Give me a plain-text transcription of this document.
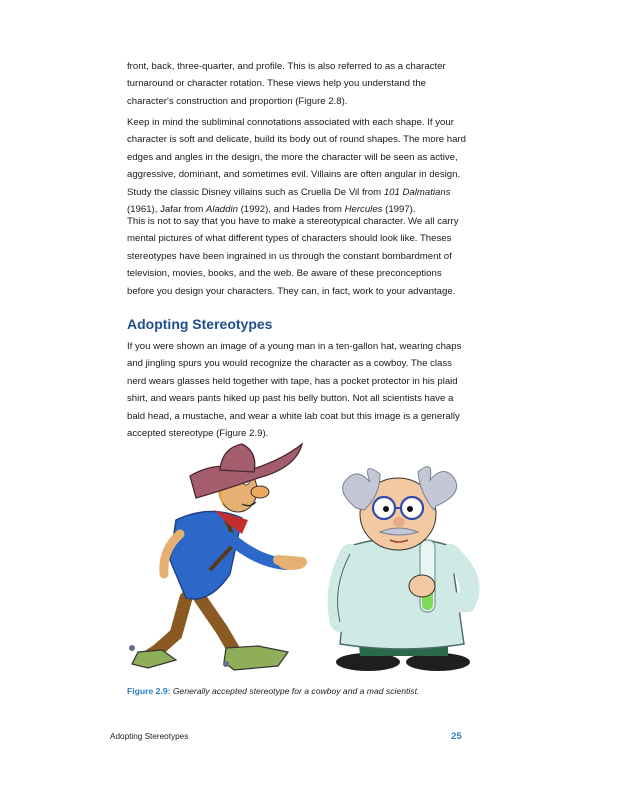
front, back, three-quarter, and profile. This is also referred to as a character turnaround or character rotation. These views help you understand the character's construction and proportion (Figure 2.8).

Keep in mind the subliminal connotations associated with each shape. If your character is soft and delicate, build its body out of round shapes. The more hard edges and angles in the design, the more the character will be seen as active, aggressive, dominant, and sometimes evil. Villains are often angular in design. Study the classic Disney villains such as Cruella De Vil from 101 Dalmatians (1961), Jafar from Aladdin (1992), and Hades from Hercules (1997).

This is not to say that you have to make a stereotypical character. We all carry mental pictures of what different types of characters should look like. Theses stereotypes have been ingrained in us through the constant bombardment of television, movies, books, and the web. Be aware of these preconceptions before you design your characters. They can, in fact, work to your advantage.

Adopting Stereotypes

If you were shown an image of a young man in a ten-gallon hat, wearing chaps and jingling spurs you would recognize the character as a cowboy. The class nerd wears glasses held together with tape, has a pocket protector in his plaid shirt, and wears pants hiked up past his belly button. Not all scientists have a bald head, a mustache, and wear a white lab coat but this image is a generally accepted stereotype (Figure 2.9).

Figure 2.9: Generally accepted stereotype for a cowboy and a mad scientist.
Adopting Stereotypes	25
